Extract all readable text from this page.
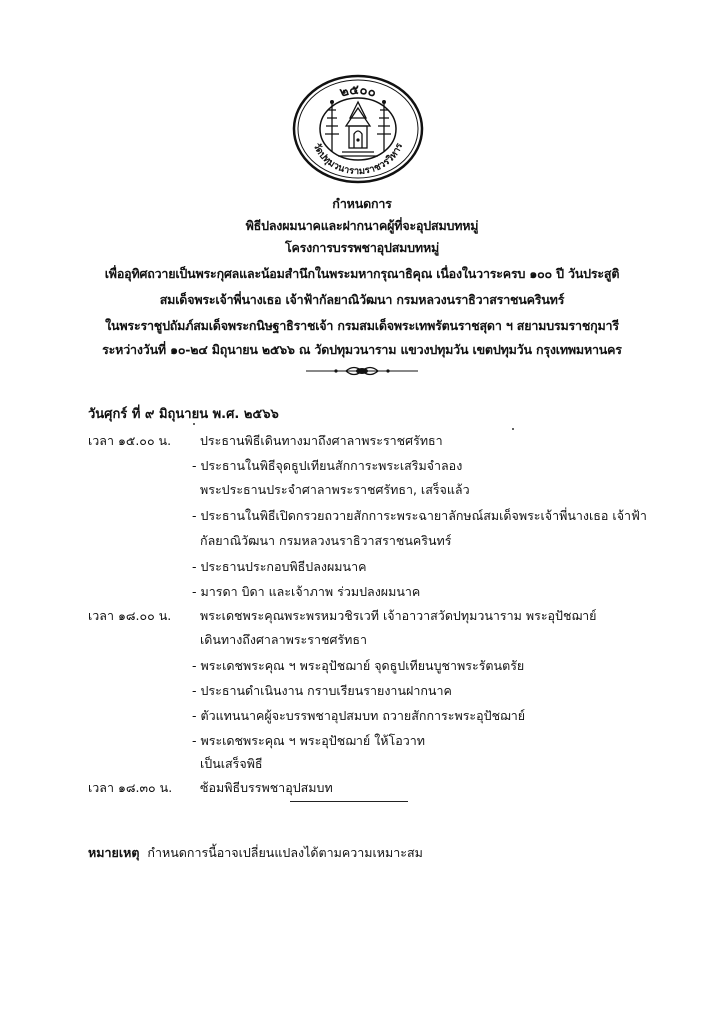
๒๕๐๐
วัดปทุมวนารามราชวรวิหาร
กำหนดการ
พิธีปลงผมนาคและฝากนาคผู้ที่จะอุปสมบทหมู่
โครงการบรรพชาอุปสมบทหมู่
เพื่ออุทิศถวายเป็นพระกุศลและน้อมสำนึกในพระมหากรุณาธิคุณ เนื่องในวาระครบ ๑๐๐ ปี วันประสูติ
สมเด็จพระเจ้าพี่นางเธอ เจ้าฟ้ากัลยาณิวัฒนา กรมหลวงนราธิวาสราชนครินทร์
ในพระราชูปถัมภ์สมเด็จพระกนิษฐาธิราชเจ้า กรมสมเด็จพระเทพรัตนราชสุดา ฯ สยามบรมราชกุมารี
ระหว่างวันที่ ๑๐-๒๔ มิถุนายน ๒๕๖๖ ณ วัดปทุมวนาราม แขวงปทุมวัน เขตปทุมวัน กรุงเทพมหานคร
วันศุกร์ ที่ ๙ มิถุนายน พ.ศ. ๒๕๖๖
เวลา ๑๕.๐๐ น. ประธานพิธีเดินทางมาถึงศาลาพระราชศรัทธา
- ประธานในพิธีจุดธูปเทียนสักการะพระเสริมจำลอง
พระประธานประจำศาลาพระราชศรัทธา, เสร็จแล้ว
- ประธานในพิธีเปิดกรวยถวายสักการะพระฉายาลักษณ์สมเด็จพระเจ้าพี่นางเธอ เจ้าฟ้า
กัลยาณิวัฒนา กรมหลวงนราธิวาสราชนครินทร์
- ประธานประกอบพิธีปลงผมนาค
- มารดา บิดา และเจ้าภาพ ร่วมปลงผมนาค
เวลา ๑๘.๐๐ น. พระเดชพระคุณพระพรหมวชิรเวที เจ้าอาวาสวัดปทุมวนาราม พระอุปัชฌาย์
เดินทางถึงศาลาพระราชศรัทธา
- พระเดชพระคุณ ฯ พระอุปัชฌาย์ จุดธูปเทียนบูชาพระรัตนตรัย
- ประธานดำเนินงาน กราบเรียนรายงานฝากนาค
- ตัวแทนนาคผู้จะบรรพชาอุปสมบท ถวายสักการะพระอุปัชฌาย์
- พระเดชพระคุณ ฯ พระอุปัชฌาย์ ให้โอวาท
เป็นเสร็จพิธี
เวลา ๑๘.๓๐ น. ซ้อมพิธีบรรพชาอุปสมบท
หมายเหตุ กำหนดการนี้อาจเปลี่ยนแปลงได้ตามความเหมาะสม
